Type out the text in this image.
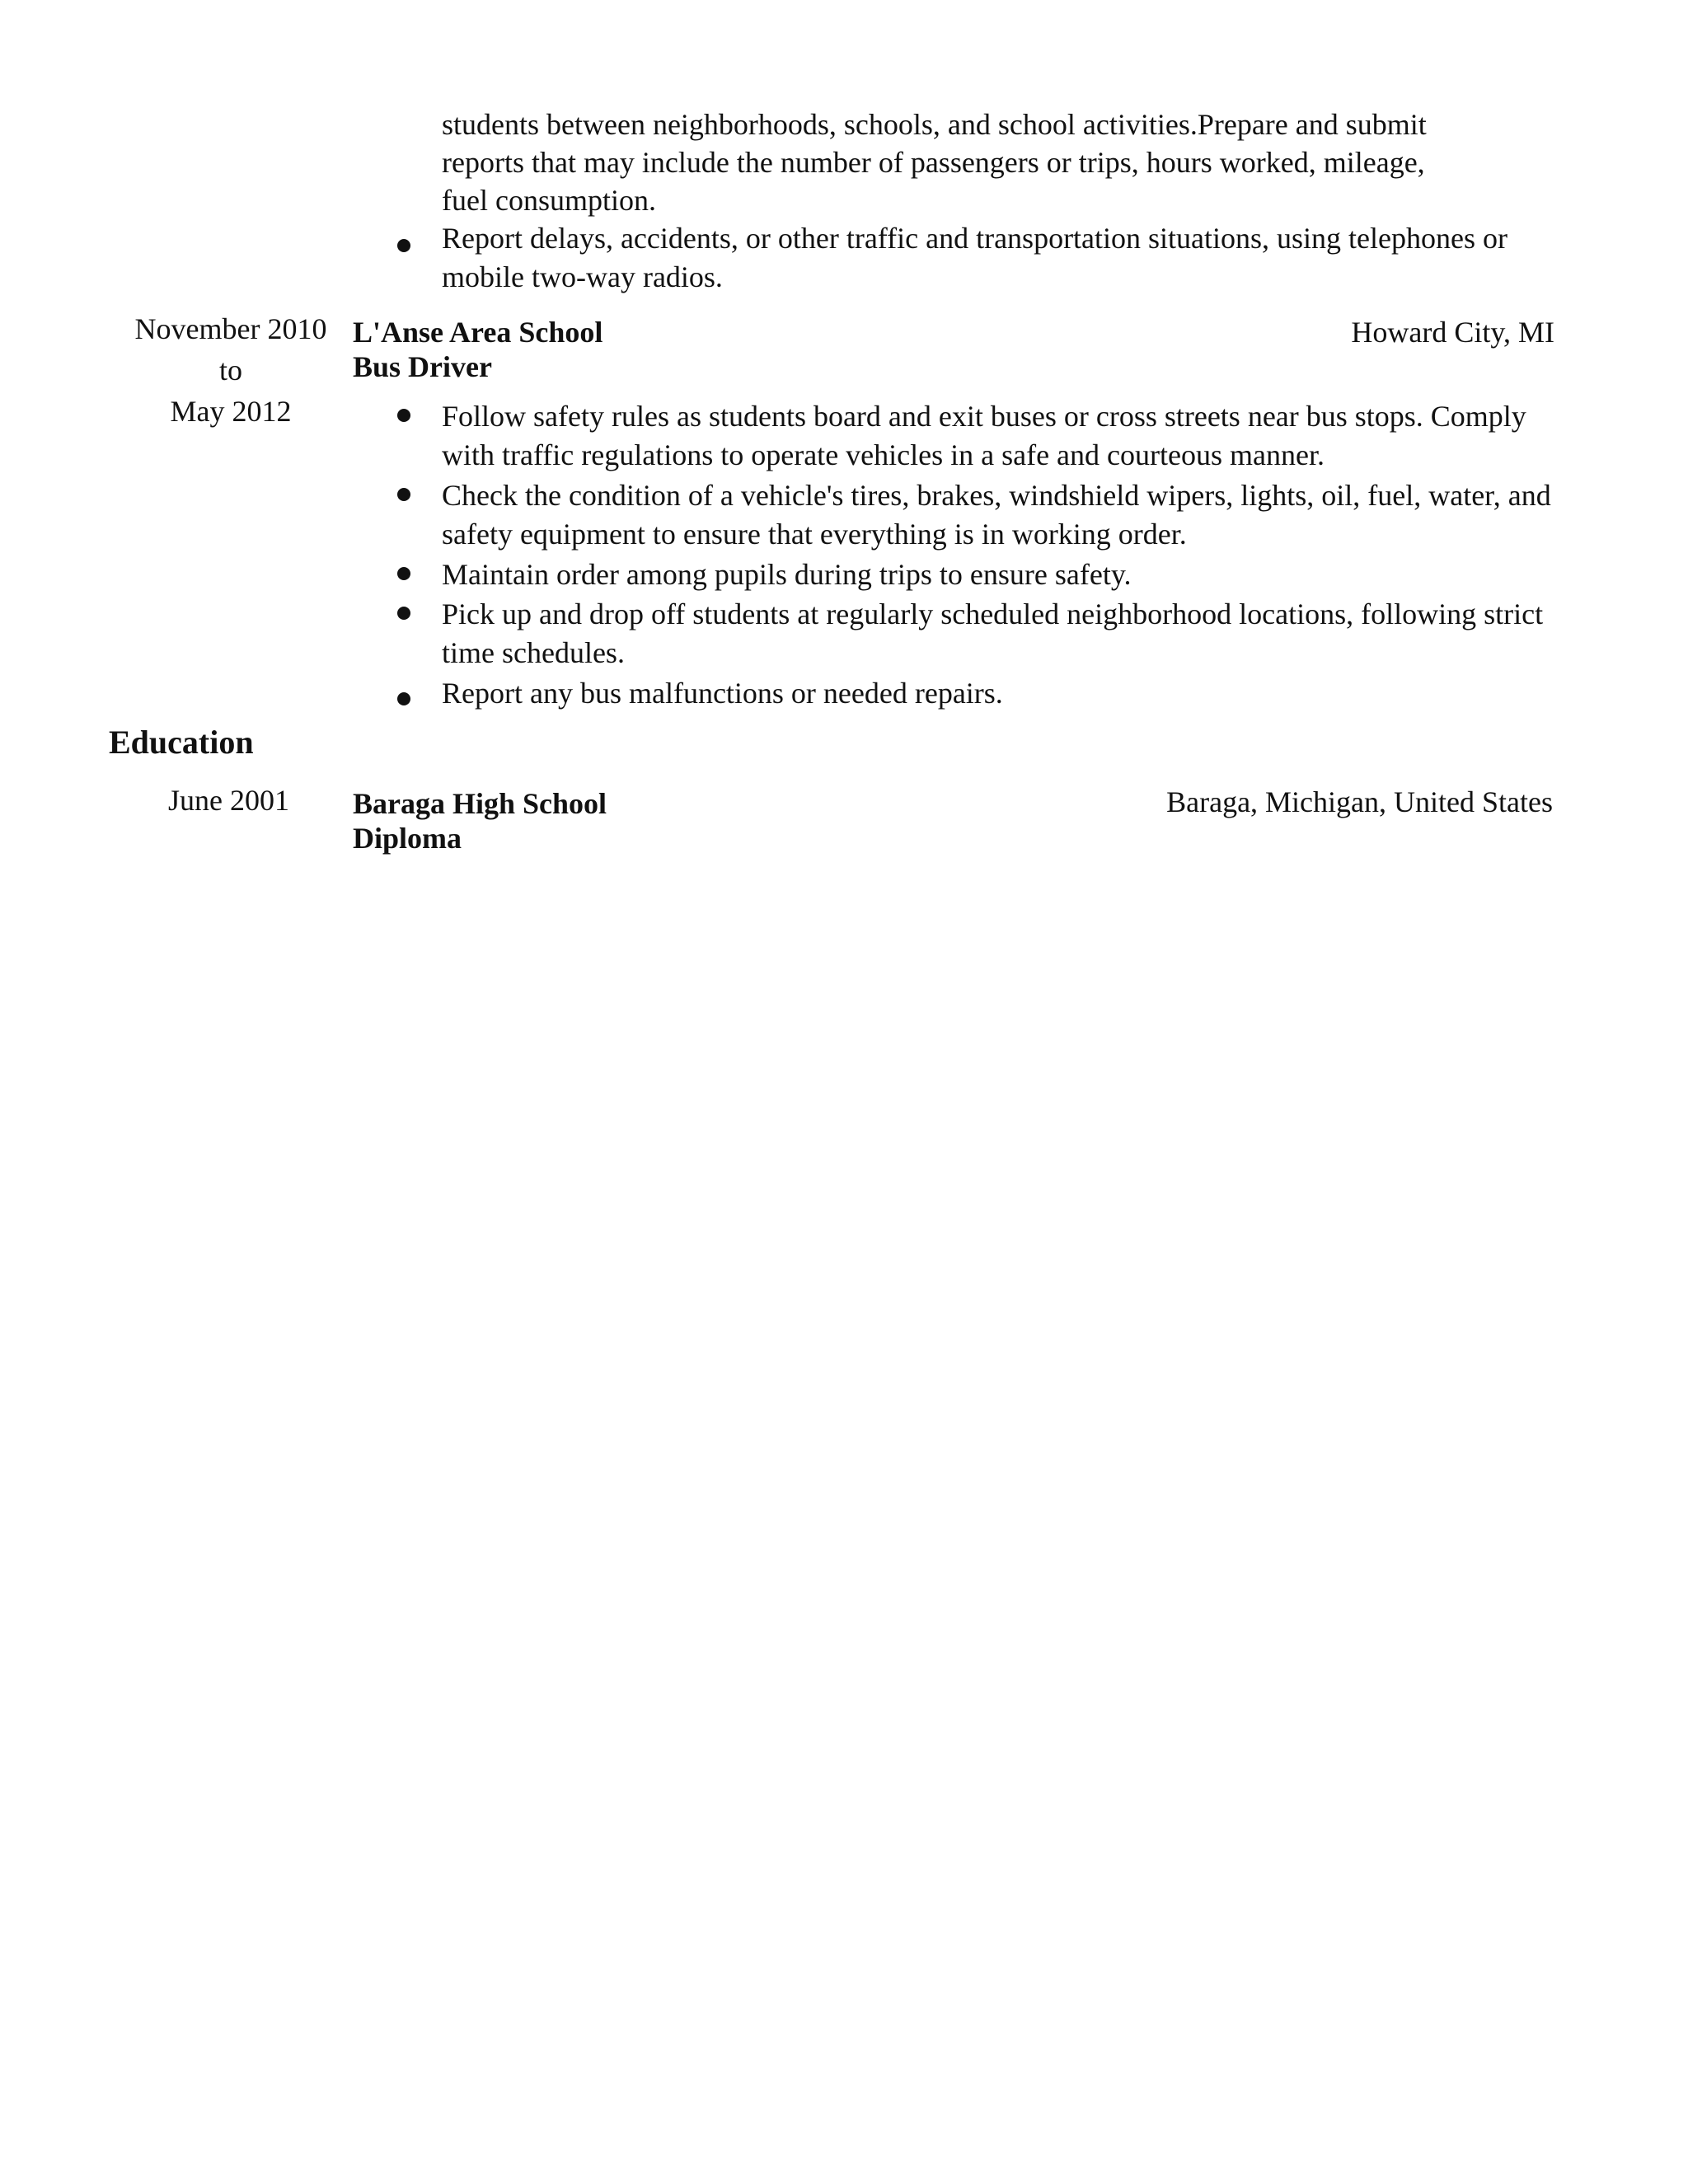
students between neighborhoods, schools, and school activities.Prepare and submit
reports that may include the number of passengers or trips, hours worked, mileage,
fuel consumption.
Report delays, accidents, or other traffic and transportation situations, using telephones or mobile two-way radios.
November 2010
to
May 2012
L'Anse Area School
Bus Driver
Howard City, MI
Follow safety rules as students board and exit buses or cross streets near bus stops. Comply with traffic regulations to operate vehicles in a safe and courteous manner.
Check the condition of a vehicle's tires, brakes, windshield wipers, lights, oil, fuel, water, and safety equipment to ensure that everything is in working order.
Maintain order among pupils during trips to ensure safety.
Pick up and drop off students at regularly scheduled neighborhood locations, following strict time schedules.
Report any bus malfunctions or needed repairs.
Education
June 2001 Baraga High School
Diploma
Baraga, Michigan, United States
